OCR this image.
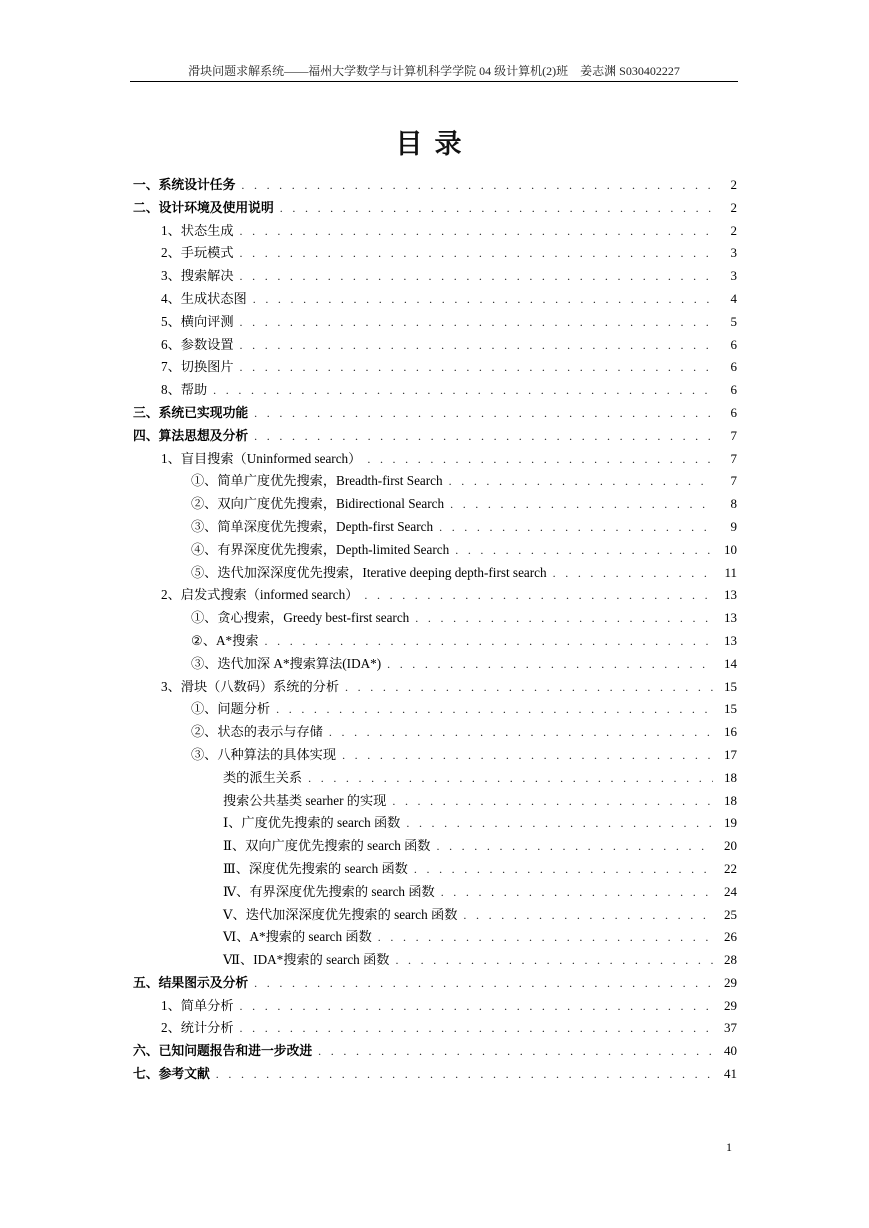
滑块问题求解系统——福州大学数学与计算机科学学院 04 级计算机(2)班　姜志渊 S030402227
目录
一、系统设计任务 . . .	2
二、设计环境及使用说明 . . .	2
1、状态生成 . . .	2
2、手玩模式 . . .	3
3、搜索解决 . . .	3
4、生成状态图 . . .	4
5、横向评测 . . .	5
6、参数设置 . . .	6
7、切换图片 . . .	6
8、帮助 . . .	6
三、系统已实现功能 . . .	6
四、算法思想及分析 . . .	7
1、盲目搜索（Uninformed search） . . .	7
①、简单广度优先搜索，Breadth-first Search . . .	7
②、双向广度优先搜索，Bidirectional Search . . .	8
③、简单深度优先搜索，Depth-first Search . . .	9
④、有界深度优先搜索，Depth-limited Search . . .	10
⑤、迭代加深深度优先搜索，Iterative deeping depth-first search . . .	11
2、启发式搜索（informed search） . . .	13
①、贪心搜索，Greedy best-first search . . .	13
②、A*搜索 . . .	13
③、迭代加深 A*搜索算法(IDA*) . . .	14
3、滑块（八数码）系统的分析 . . .	15
①、问题分析 . . .	15
②、状态的表示与存储 . . .	16
③、八种算法的具体实现 . . .	17
类的派生关系 . . .	18
搜索公共基类 searher 的实现 . . .	18
Ⅰ、广度优先搜索的 search 函数 . . .	19
Ⅱ、双向广度优先搜索的 search 函数 . . .	20
Ⅲ、深度优先搜索的 search 函数 . . .	22
Ⅳ、有界深度优先搜索的 search 函数 . . .	24
Ⅴ、迭代加深深度优先搜索的 search 函数 . . .	25
Ⅵ、A*搜索的 search 函数 . . .	26
Ⅶ、IDA*搜索的 search 函数 . . .	28
五、结果图示及分析 . . .	29
1、简单分析 . . .	29
2、统计分析 . . .	37
六、已知问题报告和进一步改进 . . .	40
七、参考文献 . . .	41
1
